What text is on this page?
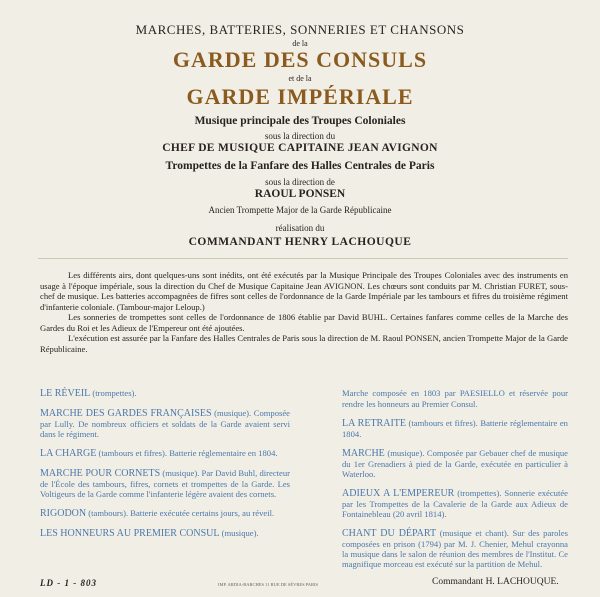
MARCHES, BATTERIES, SONNERIES ET CHANSONS
de la
GARDE DES CONSULS
et de la
GARDE IMPÉRIALE
Musique principale des Troupes Coloniales
sous la direction du
CHEF DE MUSIQUE CAPITAINE JEAN AVIGNON
Trompettes de la Fanfare des Halles Centrales de Paris
sous la direction de
RAOUL PONSEN
Ancien Trompette Major de la Garde Républicaine
réalisation du
COMMANDANT HENRY LACHOUQUE

Les différents airs, dont quelques-uns sont inédits, ont été exécutés par la Musique Principale des Troupes Coloniales avec des instruments en usage à l'époque impériale, sous la direction du Chef de Musique Capitaine Jean AVIGNON. Les chœurs sont conduits par M. Christian FURET, sous-chef de musique. Les batteries accompagnées de fifres sont celles de l'ordonnance de la Garde Impériale par les tambours et fifres du troisième régiment d'infanterie coloniale. (Tambour-major Leloup.)

Les sonneries de trompettes sont celles de l'ordonnance de 1806 établie par David BUHL. Certaines fanfares comme celles de la Marche des Gardes du Roi et les Adieux de l'Empereur ont été ajoutées.

L'exécution est assurée par la Fanfare des Halles Centrales de Paris sous la direction de M. Raoul PONSEN, ancien Trompette Major de la Garde Républicaine.

LE RÉVEIL (trompettes).
MARCHE DES GARDES FRANÇAISES (musique). Composée par Lully. De nombreux officiers et soldats de la Garde avaient servi dans le régiment.
LA CHARGE (tambours et fifres). Batterie réglementaire en 1804.
MARCHE POUR CORNETS (musique). Par David Buhl, directeur de l'École des tambours, fifres, cornets et trompettes de la Garde. Les Voltigeurs de la Garde comme l'infanterie légère avaient des cornets.
RIGODON (tambours). Batterie exécutée certains jours, au réveil.
LES HONNEURS AU PREMIER CONSUL (musique).
Marche composée en 1803 par PAESIELLO et réservée pour rendre les honneurs au Premier Consul.
LA RETRAITE (tambours et fifres). Batterie réglementaire en 1804.
MARCHE (musique). Composée par Gebauer chef de musique du 1er Grenadiers à pied de la Garde, exécutée en particulier à Waterloo.
ADIEUX A L'EMPEREUR (trompettes). Sonnerie exécutée par les Trompettes de la Cavalerie de la Garde aux Adieux de Fontainebleau (20 avril 1814).
CHANT DU DÉPART (musique et chant). Sur des paroles composées en prison (1794) par M. J. Chenier, Mehul crayonna la musique dans le salon de réunion des membres de l'Institut. Ce magnifique morceau est exécuté sur la partition de Mehul.
LD - 1 - 803	IMP. ARDIA-BARCHES 11 RUE DE SÈVRES PARIS	Commandant H. LACHOUQUE.
